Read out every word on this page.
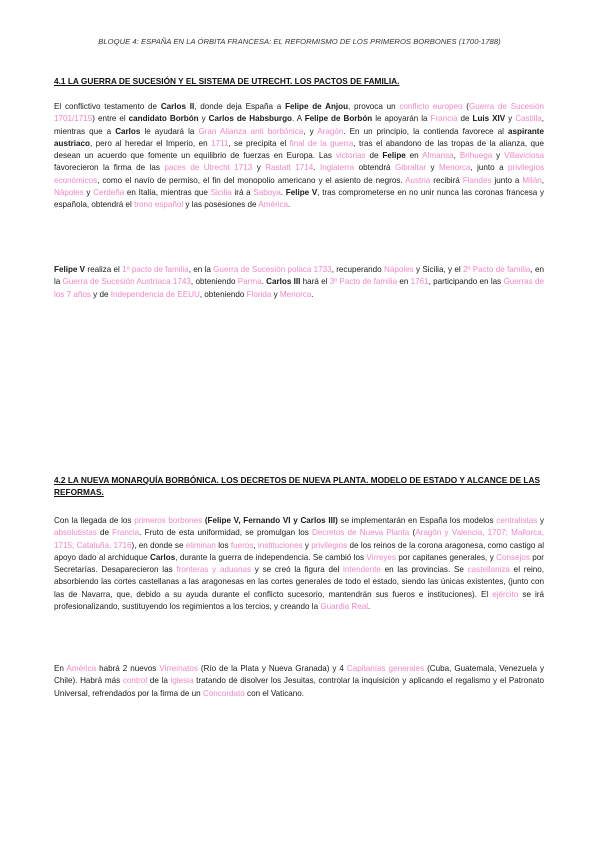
BLOQUE 4: ESPAÑA EN LA ÓRBITA FRANCESA: EL REFORMISMO DE LOS PRIMEROS BORBONES (1700-1788)
4.1 LA GUERRA DE SUCESIÓN Y EL SISTEMA DE UTRECHT. LOS PACTOS DE FAMILIA.
El conflictivo testamento de Carlos II, donde deja España a Felipe de Anjou, provoca un conflicto europeo (Guerra de Sucesión 1701/1715) entre el candidato Borbón y Carlos de Habsburgo. A Felipe de Borbón le apoyarán la Francia de Luis XIV y Castilla, mientras que a Carlos le ayudará la Gran Alianza anti borbónica, y Aragón. En un principio, la contienda favorece al aspirante austriaco, pero al heredar el Imperio, en 1711, se precipita el final de la guerra, tras el abandono de las tropas de la alianza, que desean un acuerdo que fomente un equilibrio de fuerzas en Europa. Las victorias de Felipe en Almansa, Brihuega y Villaviciosa favorecieron la firma de las paces de Utrecht 1713 y Rastatt 1714. Inglaterra obtendrá Gibraltar y Menorca, junto a privilegios económicos, como el navío de permiso, el fin del monopolio americano y el asiento de negros. Austria recibirá Flandes junto a Milán, Nápoles y Cerdeña en Italia, mientras que Sicilia irá a Saboya. Felipe V, tras comprometerse en no unir nunca las coronas francesa y española, obtendrá el trono español y las posesiones de América.
Felipe V realiza el 1º pacto de familia, en la Guerra de Sucesión polaca 1733, recuperando Nápoles y Sicilia, y el 2º Pacto de familia, en la Guerra de Sucesión Austríaca 1743, obteniendo Parma. Carlos III hará el 3º Pacto de familia en 1761, participando en las Guerras de los 7 años y de Independencia de EEUU, obteniendo Florida y Menorca.
4.2 LA NUEVA MONARQUÍA BORBÓNICA. LOS DECRETOS DE NUEVA PLANTA. MODELO DE ESTADO Y ALCANCE DE LAS REFORMAS.
Con la llegada de los primeros borbones (Felipe V, Fernando VI y Carlos III) se implementarán en España los modelos centralistas y absolutistas de Francia. Fruto de esta uniformidad, se promulgan los Decretos de Nueva Planta (Aragón y Valencia, 1707; Mallorca, 1715; Cataluña, 1716), en donde se eliminan los fueros, instituciones y privilegios de los reinos de la corona aragonesa, como castigo al apoyo dado al archiduque Carlos, durante la guerra de independencia. Se cambió los Virreyes por capitanes generales, y Consejos por Secretarías. Desaparecieron las fronteras y aduanas y se creó la figura del intendente en las provincias. Se castellaniza el reino, absorbiendo las cortes castellanas a las aragonesas en las cortes generales de todo el estado, siendo las únicas existentes, (junto con las de Navarra, que, debido a su ayuda durante el conflicto sucesorio, mantendrán sus fueros e instituciones). El ejército se irá profesionalizando, sustituyendo los regimientos a los tercios, y creando la Guardia Real.
En América habrá 2 nuevos Virreinatos (Río de la Plata y Nueva Granada) y 4 Capitanías generales (Cuba, Guatemala, Venezuela y Chile). Habrá más control de la iglesia tratando de disolver los Jesuitas, controlar la inquisición y aplicando el regalismo y el Patronato Universal, refrendados por la firma de un Concordato con el Vaticano.
